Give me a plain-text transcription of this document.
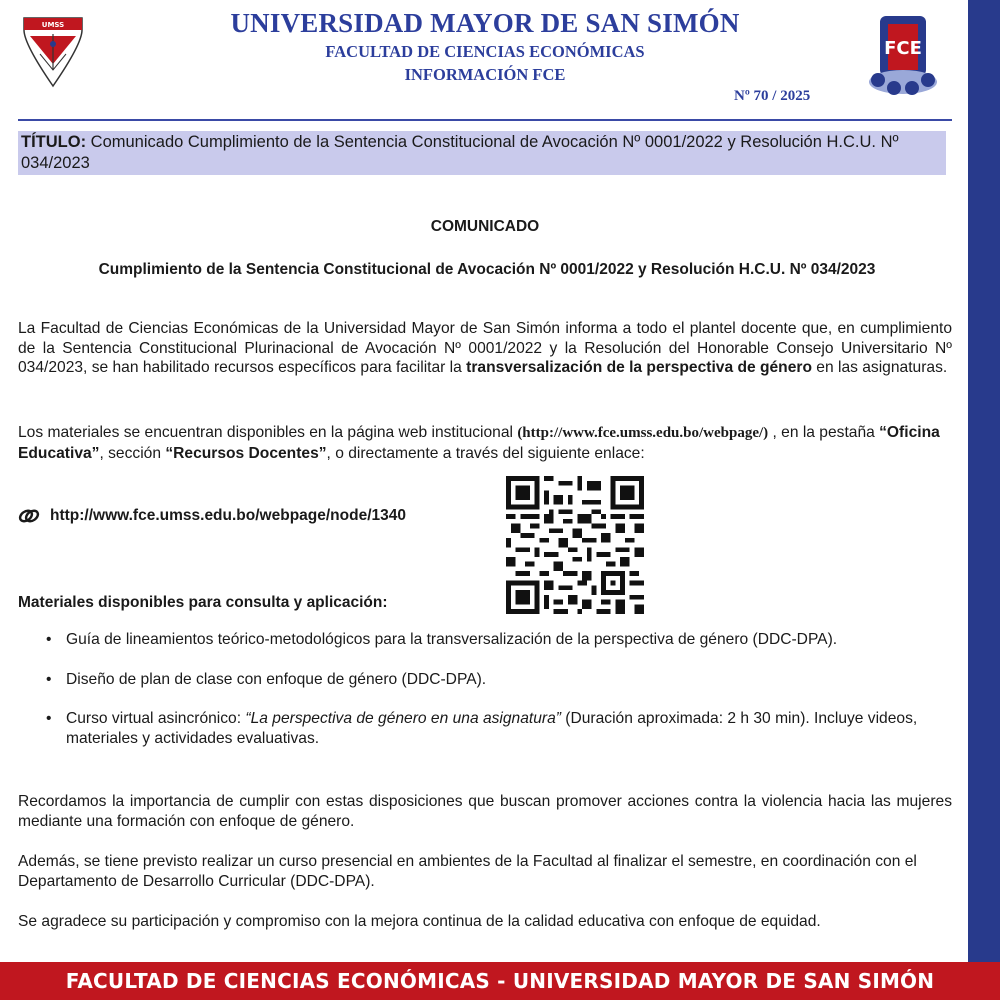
UMSS	UNIVERSIDAD MAYOR DE SAN SIMÓN
FACULTAD DE CIENCIAS ECONÓMICAS
INFORMACIÓN FCE
Nº 70 / 2025
FCE
TÍTULO: Comunicado Cumplimiento de la Sentencia Constitucional de Avocación Nº 0001/2022 y Resolución H.C.U. Nº 034/2023
COMUNICADO
Cumplimiento de la Sentencia Constitucional de Avocación Nº 0001/2022 y Resolución H.C.U. Nº 034/2023
La Facultad de Ciencias Económicas de la Universidad Mayor de San Simón informa a todo el plantel docente que, en cumplimiento de la Sentencia Constitucional Plurinacional de Avocación Nº 0001/2022 y la Resolución del Honorable Consejo Universitario Nº 034/2023, se han habilitado recursos específicos para facilitar la transversalización de la perspectiva de género en las asignaturas.
Los materiales se encuentran disponibles en la página web institucional (http://www.fce.umss.edu.bo/webpage/) , en la pestaña “Oficina Educativa”, sección “Recursos Docentes”, o directamente a través del siguiente enlace:
http://www.fce.umss.edu.bo/webpage/node/1340
Materiales disponibles para consulta y aplicación:
• Guía de lineamientos teórico-metodológicos para la transversalización de la perspectiva de género (DDC-DPA).
• Diseño de plan de clase con enfoque de género (DDC-DPA).
• Curso virtual asincrónico: “La perspectiva de género en una asignatura” (Duración aproximada: 2 h 30 min). Incluye videos, materiales y actividades evaluativas.
Recordamos la importancia de cumplir con estas disposiciones que buscan promover acciones contra la violencia hacia las mujeres mediante una formación con enfoque de género.
Además, se tiene previsto realizar un curso presencial en ambientes de la Facultad al finalizar el semestre, en coordinación con el Departamento de Desarrollo Curricular (DDC-DPA).
Se agradece su participación y compromiso con la mejora continua de la calidad educativa con enfoque de equidad.
FACULTAD DE CIENCIAS ECONÓMICAS - UNIVERSIDAD MAYOR DE SAN SIMÓN
